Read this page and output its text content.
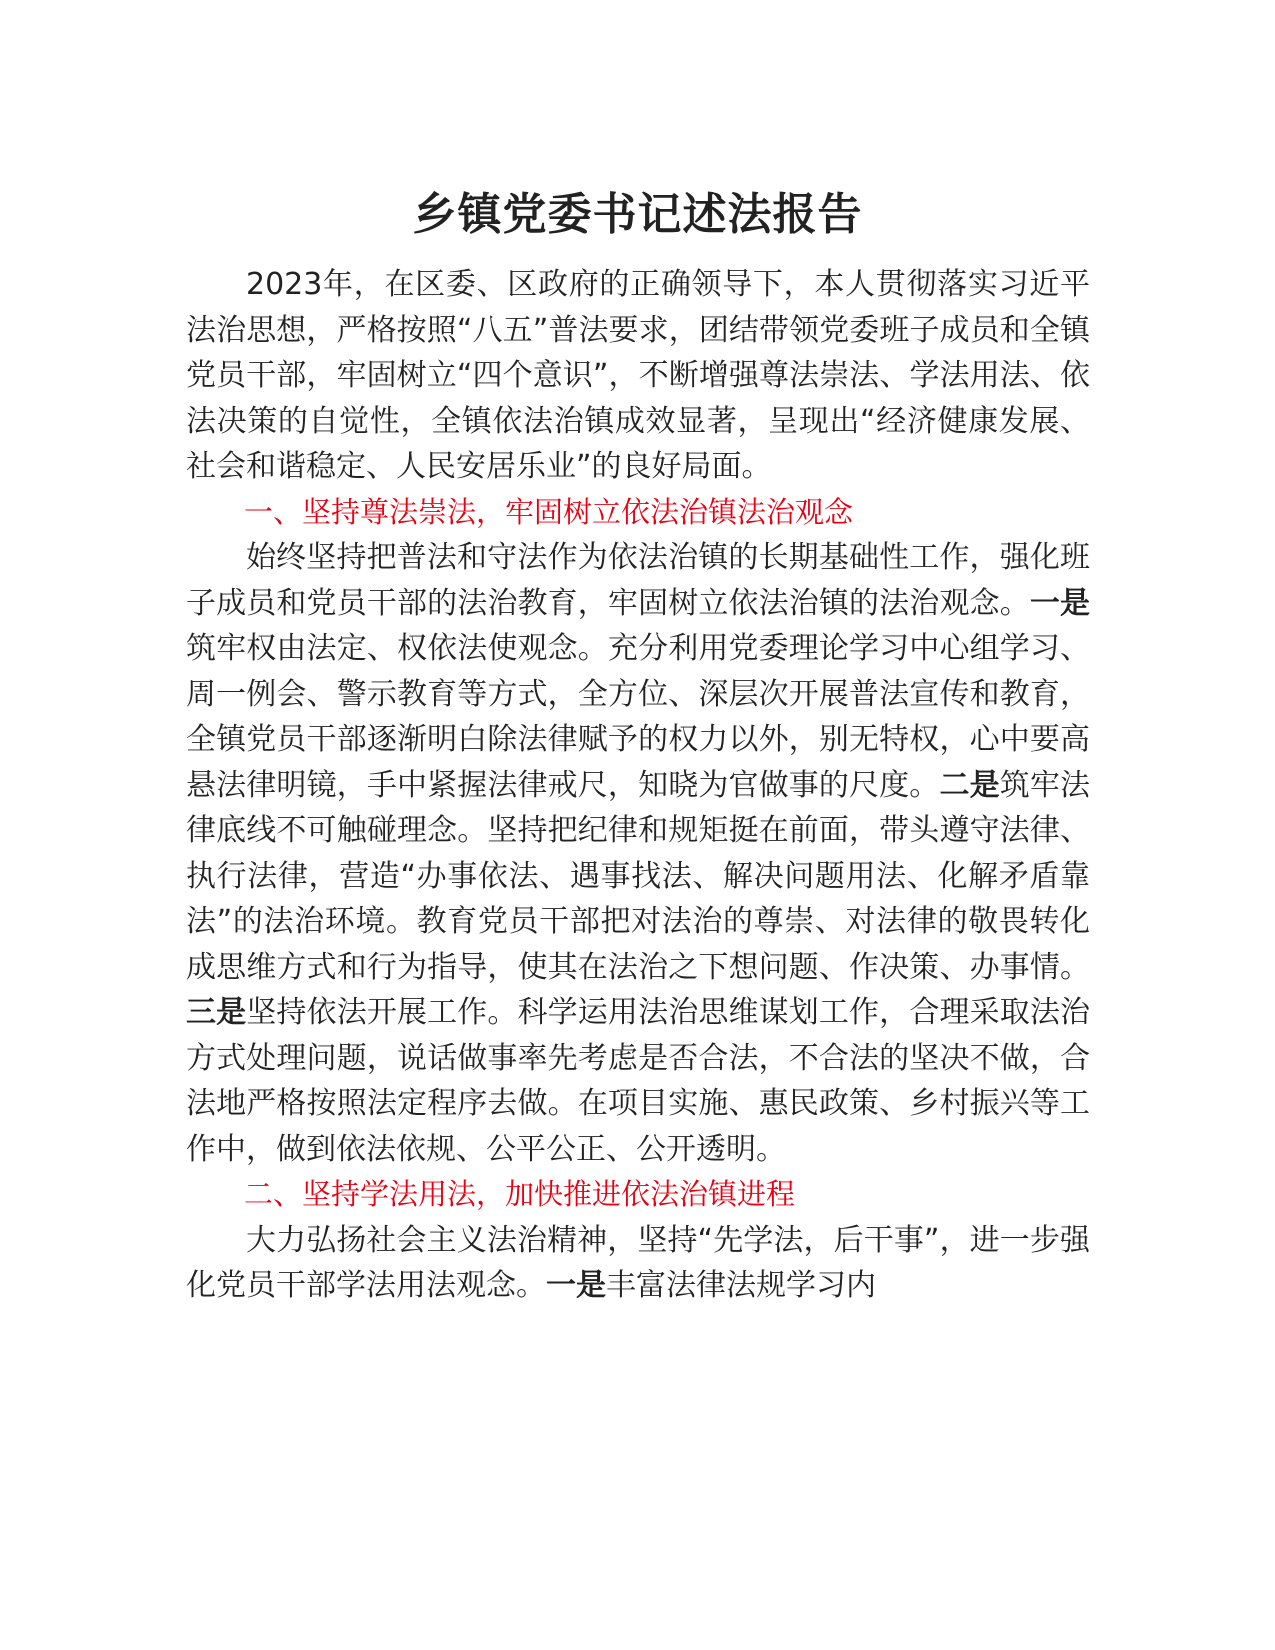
乡镇党委书记述法报告

2023年，在区委、区政府的正确领导下，本人贯彻落实习近平法治思想，严格按照“八五”普法要求，团结带领党委班子成员和全镇党员干部，牢固树立“四个意识”，不断增强尊法崇法、学法用法、依法决策的自觉性，全镇依法治镇成效显著，呈现出“经济健康发展、社会和谐稳定、人民安居乐业”的良好局面。

一、坚持尊法崇法，牢固树立依法治镇法治观念

始终坚持把普法和守法作为依法治镇的长期基础性工作，强化班子成员和党员干部的法治教育，牢固树立依法治镇的法治观念。一是筑牢权由法定、权依法使观念。充分利用党委理论学习中心组学习、周一例会、警示教育等方式，全方位、深层次开展普法宣传和教育，全镇党员干部逐渐明白除法律赋予的权力以外，别无特权，心中要高悬法律明镜，手中紧握法律戒尺，知晓为官做事的尺度。二是筑牢法律底线不可触碰理念。坚持把纪律和规矩挺在前面，带头遵守法律、执行法律，营造“办事依法、遇事找法、解决问题用法、化解矛盾靠法”的法治环境。教育党员干部把对法治的尊崇、对法律的敬畏转化成思维方式和行为指导，使其在法治之下想问题、作决策、办事情。三是坚持依法开展工作。科学运用法治思维谋划工作，合理采取法治方式处理问题，说话做事率先考虑是否合法，不合法的坚决不做，合法地严格按照法定程序去做。在项目实施、惠民政策、乡村振兴等工作中，做到依法依规、公平公正、公开透明。

二、坚持学法用法，加快推进依法治镇进程

大力弘扬社会主义法治精神，坚持“先学法，后干事”，进一步强化党员干部学法用法观念。一是丰富法律法规学习内
